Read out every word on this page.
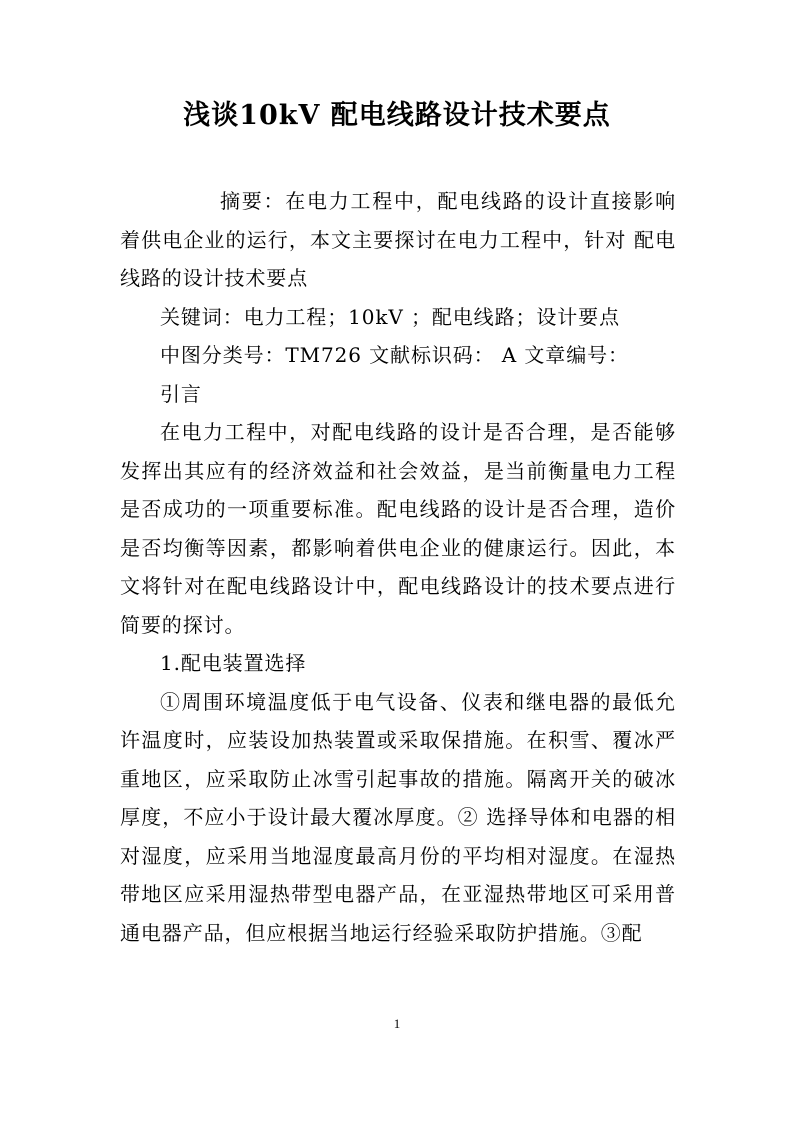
浅谈10kV 配电线路设计技术要点

摘要：在电力工程中，配电线路的设计直接影响着供电企业的运行，本文主要探讨在电力工程中，针对 配电线路的设计技术要点

关键词：电力工程；10kV ；配电线路；设计要点

中图分类号：TM726 文献标识码： A 文章编号：

引言

在电力工程中，对配电线路的设计是否合理，是否能够发挥出其应有的经济效益和社会效益，是当前衡量电力工程是否成功的一项重要标准。配电线路的设计是否合理，造价是否均衡等因素，都影响着供电企业的健康运行。因此，本文将针对在配电线路设计中，配电线路设计的技术要点进行简要的探讨。

1.配电装置选择

①周围环境温度低于电气设备、仪表和继电器的最低允许温度时，应装设加热装置或采取保措施。在积雪、覆冰严重地区，应采取防止冰雪引起事故的措施。隔离开关的破冰厚度，不应小于设计最大覆冰厚度。② 选择导体和电器的相对湿度，应采用当地湿度最高月份的平均相对湿度。在湿热带地区应采用湿热带型电器产品，在亚湿热带地区可采用普通电器产品，但应根据当地运行经验采取防护措施。③配

1
